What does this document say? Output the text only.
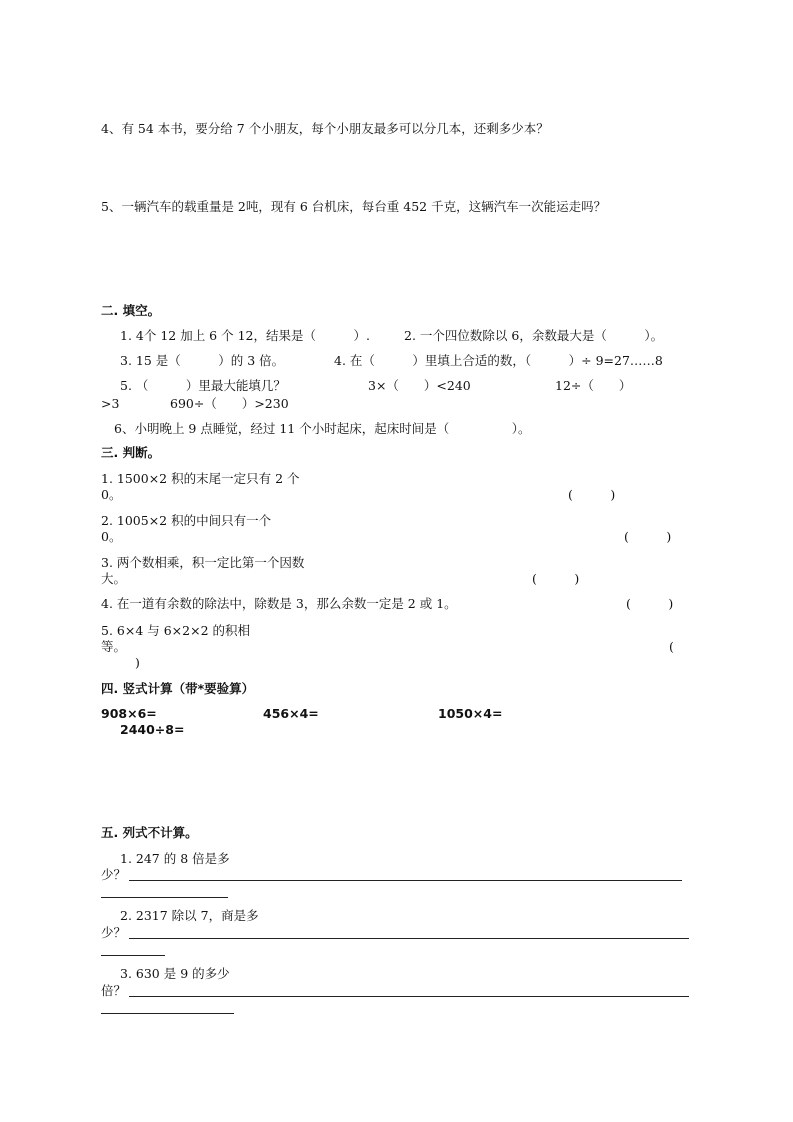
4、有 54 本书，要分给 7 个小朋友，每个小朋友最多可以分几本，还剩多少本？
5、一辆汽车的载重量是 2吨，现有 6 台机床，每台重 452 千克，这辆汽车一次能运走吗？
二. 填空。
1. 4个 12 加上 6 个 12，结果是（　　　）.	2. 一个四位数除以 6，余数最大是（　　　）。
3. 15 是（　　　）的 3 倍。	4. 在（　　　）里填上合适的数，（　　　）÷ 9=27……8
5. （　　　）里最大能填几？	3×（　　）<240	12÷（　　）
>3	690÷（　　）>230
6、小明晚上 9 点睡觉，经过 11 个小时起床，起床时间是（　　　　　）。
三. 判断。
1. 1500×2 积的末尾一定只有 2 个
0。	(　　　)
2. 1005×2 积的中间只有一个
0。	(　　　)
3. 两个数相乘，积一定比第一个因数
大。	(　　　)
4. 在一道有余数的除法中，除数是 3，那么余数一定是 2 或 1。	(　　　)
5. 6×4 与 6×2×2 的积相
等。	(
)
四. 竖式计算（带*要验算）
908×6=	456×4=	1050×4=
2440÷8=
五. 列式不计算。
1. 247 的 8 倍是多
少？
2. 2317 除以 7，商是多
少？
3. 630 是 9 的多少
倍？
